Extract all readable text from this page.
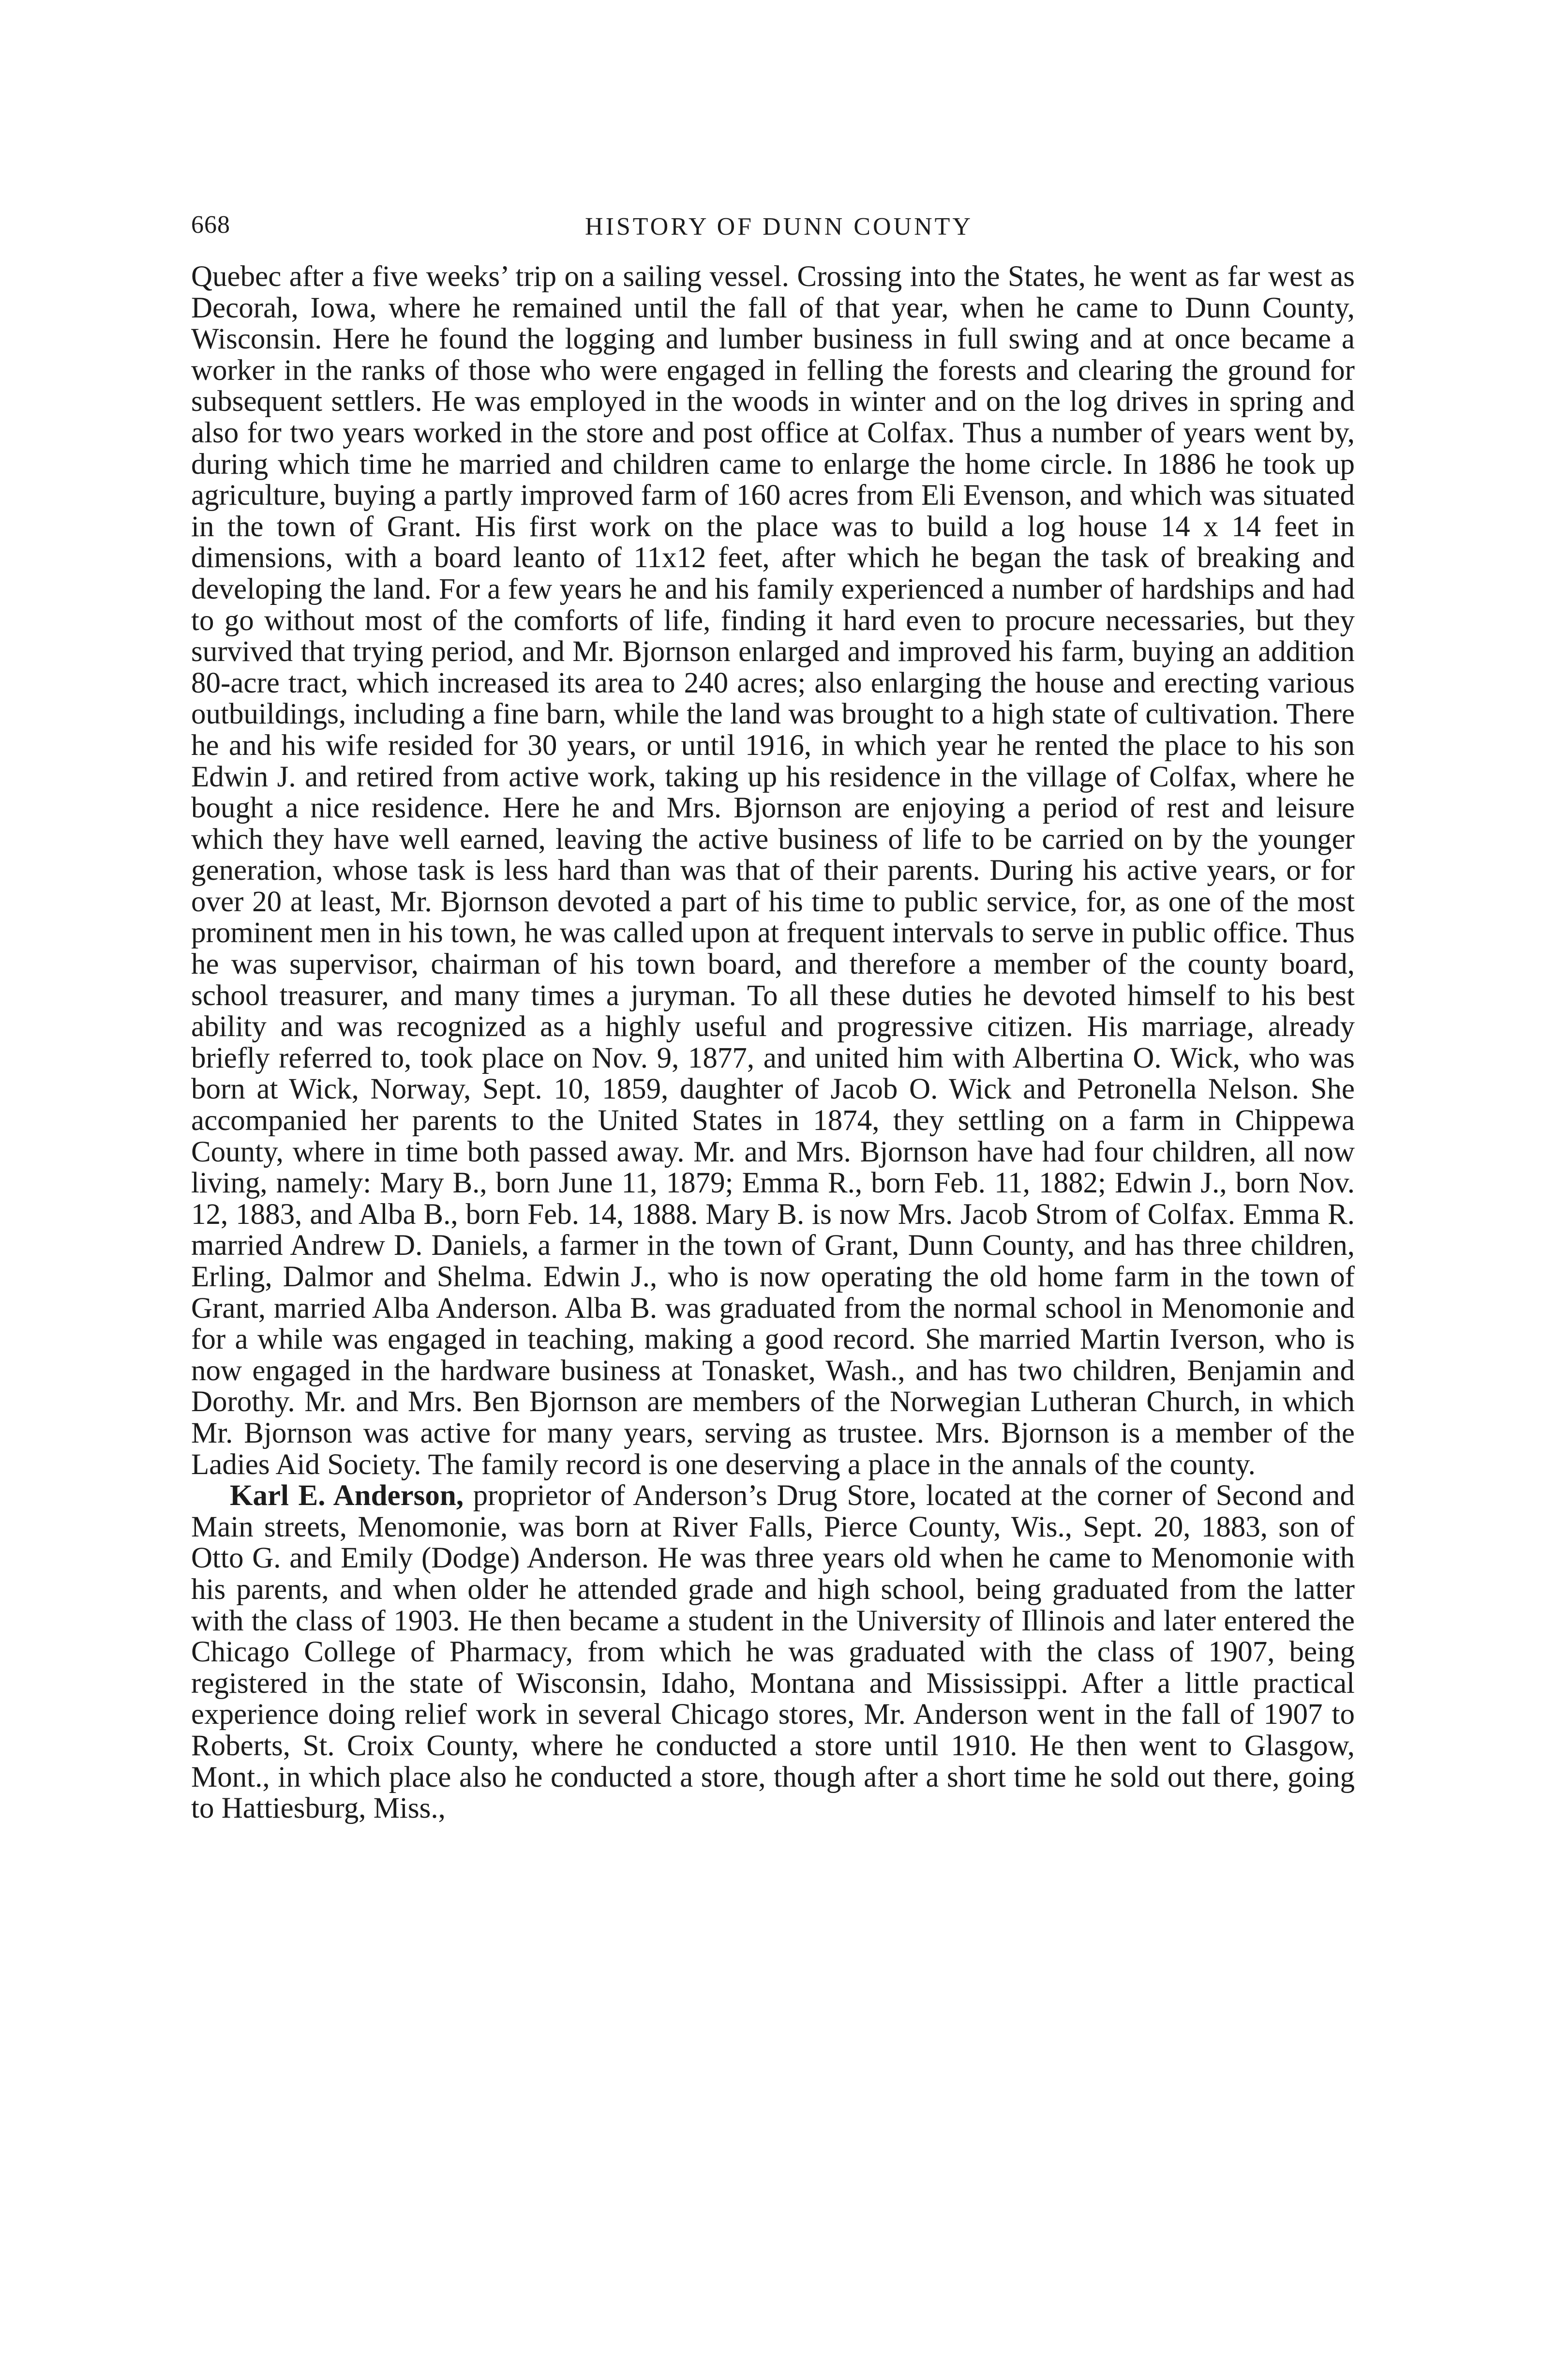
668	HISTORY OF DUNN COUNTY

Quebec after a five weeks’ trip on a sailing vessel. Crossing into the States, he went as far west as Decorah, Iowa, where he remained until the fall of that year, when he came to Dunn County, Wisconsin. Here he found the logging and lumber business in full swing and at once became a worker in the ranks of those who were engaged in felling the forests and clearing the ground for subsequent settlers. He was employed in the woods in winter and on the log drives in spring and also for two years worked in the store and post office at Colfax. Thus a number of years went by, during which time he married and children came to enlarge the home circle. In 1886 he took up agriculture, buying a partly improved farm of 160 acres from Eli Evenson, and which was situated in the town of Grant. His first work on the place was to build a log house 14 x 14 feet in dimensions, with a board leanto of 11x12 feet, after which he began the task of breaking and developing the land. For a few years he and his family experienced a number of hardships and had to go without most of the comforts of life, finding it hard even to procure necessaries, but they survived that trying period, and Mr. Bjornson enlarged and improved his farm, buying an addition 80-acre tract, which increased its area to 240 acres; also enlarging the house and erecting various outbuildings, including a fine barn, while the land was brought to a high state of cultivation. There he and his wife resided for 30 years, or until 1916, in which year he rented the place to his son Edwin J. and retired from active work, taking up his residence in the village of Colfax, where he bought a nice residence. Here he and Mrs. Bjornson are enjoying a period of rest and leisure which they have well earned, leaving the active business of life to be carried on by the younger generation, whose task is less hard than was that of their parents. During his active years, or for over 20 at least, Mr. Bjornson devoted a part of his time to public service, for, as one of the most prominent men in his town, he was called upon at frequent intervals to serve in public office. Thus he was supervisor, chairman of his town board, and therefore a member of the county board, school treasurer, and many times a juryman. To all these duties he devoted himself to his best ability and was recognized as a highly useful and progressive citizen. His marriage, already briefly referred to, took place on Nov. 9, 1877, and united him with Albertina O. Wick, who was born at Wick, Norway, Sept. 10, 1859, daughter of Jacob O. Wick and Petronella Nelson. She accompanied her parents to the United States in 1874, they settling on a farm in Chippewa County, where in time both passed away. Mr. and Mrs. Bjornson have had four children, all now living, namely: Mary B., born June 11, 1879; Emma R., born Feb. 11, 1882; Edwin J., born Nov. 12, 1883, and Alba B., born Feb. 14, 1888. Mary B. is now Mrs. Jacob Strom of Colfax. Emma R. married Andrew D. Daniels, a farmer in the town of Grant, Dunn County, and has three children, Erling, Dalmor and Shelma. Edwin J., who is now operating the old home farm in the town of Grant, married Alba Anderson. Alba B. was graduated from the normal school in Menomonie and for a while was engaged in teaching, making a good record. She married Martin Iverson, who is now engaged in the hardware business at Tonasket, Wash., and has two children, Benjamin and Dorothy. Mr. and Mrs. Ben Bjornson are members of the Norwegian Lutheran Church, in which Mr. Bjornson was active for many years, serving as trustee. Mrs. Bjornson is a member of the Ladies Aid Society. The family record is one deserving a place in the annals of the county.

Karl E. Anderson, proprietor of Anderson’s Drug Store, located at the corner of Second and Main streets, Menomonie, was born at River Falls, Pierce County, Wis., Sept. 20, 1883, son of Otto G. and Emily (Dodge) Anderson. He was three years old when he came to Menomonie with his parents, and when older he attended grade and high school, being graduated from the latter with the class of 1903. He then became a student in the University of Illinois and later entered the Chicago College of Pharmacy, from which he was graduated with the class of 1907, being registered in the state of Wisconsin, Idaho, Montana and Mississippi. After a little practical experience doing relief work in several Chicago stores, Mr. Anderson went in the fall of 1907 to Roberts, St. Croix County, where he conducted a store until 1910. He then went to Glasgow, Mont., in which place also he conducted a store, though after a short time he sold out there, going to Hattiesburg, Miss.,
